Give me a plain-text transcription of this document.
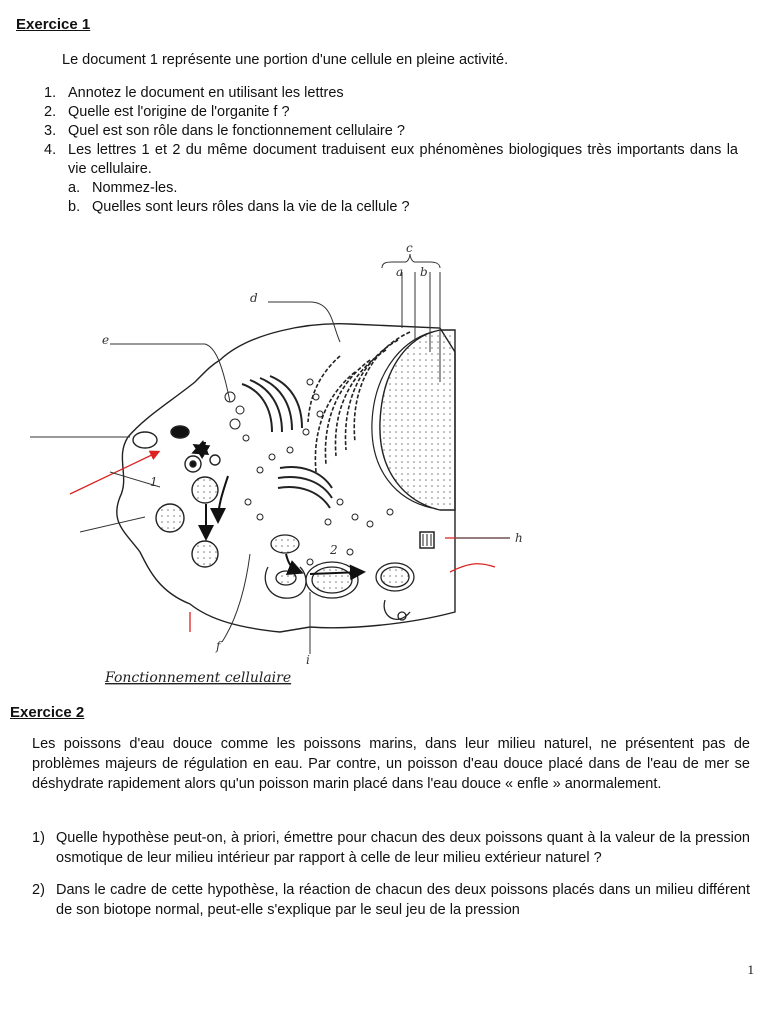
Exercice 1

Le document 1 représente une portion d'une cellule en pleine activité.

1. Annotez le document en utilisant les lettres
2. Quelle est l'origine de l'organite f ?
3. Quel est son rôle dans le fonctionnement cellulaire ?
4. Les lettres 1 et 2 du même document traduisent eux phénomènes biologiques très importants dans la vie cellulaire.
a. Nommez-les.
b. Quelles sont leurs rôles dans la vie de la cellule ?
c
a b
d
e
1
2
h
i
f
Fonctionnement cellulaire
Exercice 2

Les poissons d'eau douce comme les poissons marins, dans leur milieu naturel, ne présentent pas de problèmes majeurs de régulation en eau. Par contre, un poisson d'eau douce placé dans de l'eau de mer se déshydrate rapidement alors qu'un poisson marin placé dans l'eau douce « enfle » anormalement.

1) Quelle hypothèse peut-on, à priori, émettre pour chacun des deux poissons quant à la valeur de la pression osmotique de leur milieu intérieur par rapport à celle de leur milieu extérieur naturel ?
2) Dans le cadre de cette hypothèse, la réaction de chacun des deux poissons placés dans un milieu différent de son biotope normal, peut-elle s'explique par le seul jeu de la pression
1
